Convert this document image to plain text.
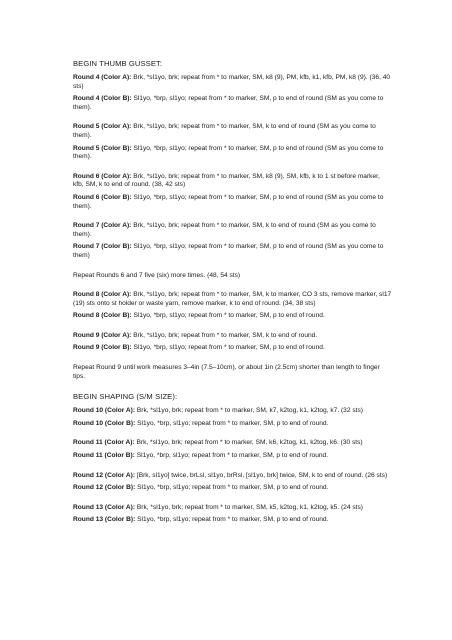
BEGIN THUMB GUSSET:
Round 4 (Color A): Brk, *sl1yo, brk; repeat from * to marker, SM, k8 (9), PM, kfb, k1, kfb, PM, k8 (9). (36, 40 sts)
Round 4 (Color B): Sl1yo, *brp, sl1yo; repeat from * to marker, SM, p to end of round (SM as you come to them).
Round 5 (Color A): Brk, *sl1yo, brk; repeat from * to marker, SM, k to end of round (SM as you come to them).
Round 5 (Color B): Sl1yo, *brp, sl1yo; repeat from * to marker, SM, p to end of round (SM as you come to them).
Round 6 (Color A): Brk, *sl1yo, brk; repeat from * to marker, SM, k8 (9), SM, kfb, k to 1 st before marker, kfb, SM, k to end of round. (38, 42 sts)
Round 6 (Color B): Sl1yo, *brp, sl1yo; repeat from * to marker, SM, p to end of round (SM as you come to them).
Round 7 (Color A): Brk, *sl1yo, brk; repeat from * to marker, SM, k to end of round (SM as you come to them).
Round 7 (Color B): Sl1yo, *brp, sl1yo; repeat from * to marker, SM, p to end of round (SM as you come to them)
Repeat Rounds 6 and 7 five (six) more times. (48, 54 sts)
Round 8 (Color A): Brk, *sl1yo, brk; repeat from * to marker, SM, k to marker, CO 3 sts, remove marker, sl17 (19) sts onto st holder or waste yarn, remove marker, k to end of round. (34, 38 sts)
Round 8 (Color B): Sl1yo, *brp, sl1yo; repeat from * to marker, SM, p to end of round.
Round 9 (Color A): Brk, *sl1yo, brk; repeat from * to marker, SM, k to end of round.
Round 9 (Color B): Sl1yo, *brp, sl1yo; repeat from * to marker, SM, p to end of round.
Repeat Round 9 until work measures 3–4in (7.5–10cm), or about 1in (2.5cm) shorter than length to finger tips.
BEGIN SHAPING (S/M SIZE):
Round 10 (Color A): Brk, *sl1yo, brk; repeat from * to marker, SM, k7, k2tog, k1, k2tog, k7. (32 sts)
Round 10 (Color B): Sl1yo, *brp, sl1yo; repeat from * to marker, SM, p to end of round.
Round 11 (Color A): Brk, *sl1yo, brk; repeat from * to marker, SM, k6, k2tog, k1, k2tog, k6. (30 sts)
Round 11 (Color B): Sl1yo, *brp, sl1yo; repeat from * to marker, SM, p to end of round.
Round 12 (Color A): [Brk, sl1yo] twice, brLsl, sl1yo, brRsl, [sl1yo, brk] twice, SM, k to end of round. (26 sts)
Round 12 (Color B): Sl1yo, *brp, sl1yo; repeat from * to marker, SM, p to end of round.
Round 13 (Color A): Brk, *sl1yo, brk; repeat from * to marker, SM, k5, k2tog, k1, k2tog, k5. (24 sts)
Round 13 (Color B): Sl1yo, *brp, sl1yo; repeat from * to marker, SM, p to end of round.
